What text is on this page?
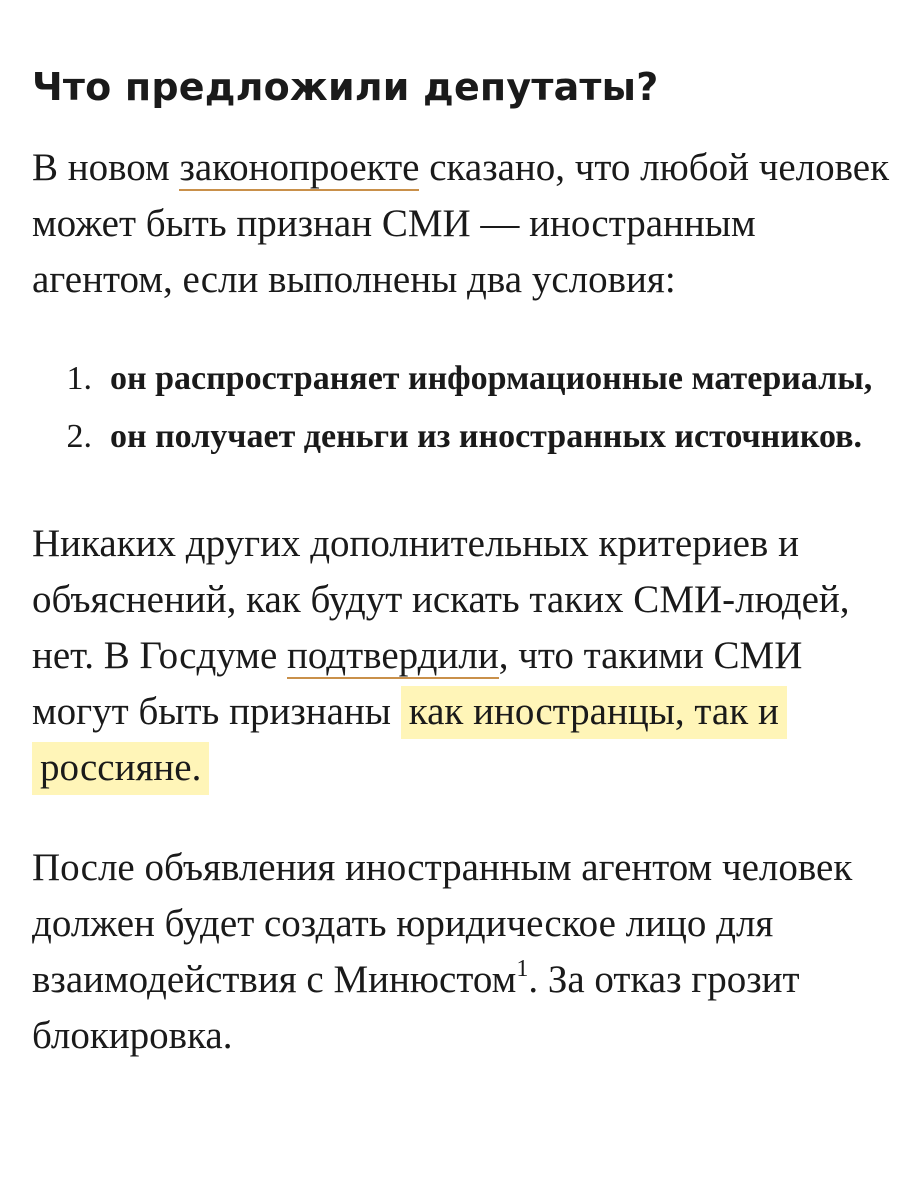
Что предложили депутаты?

В новом законопроекте сказано, что любой человек может быть признан СМИ — иностранным агентом, если выполнены два условия:

1. он распространяет информационные материалы,
2. он получает деньги из иностранных источников.

Никаких других дополнительных критериев и объяснений, как будут искать таких СМИ-людей, нет. В Госдуме подтвердили, что такими СМИ могут быть признаны как иностранцы, так и россияне.

После объявления иностранным агентом человек должен будет создать юридическое лицо для взаимодействия с Минюстом$^1$. За отказ грозит блокировка.
